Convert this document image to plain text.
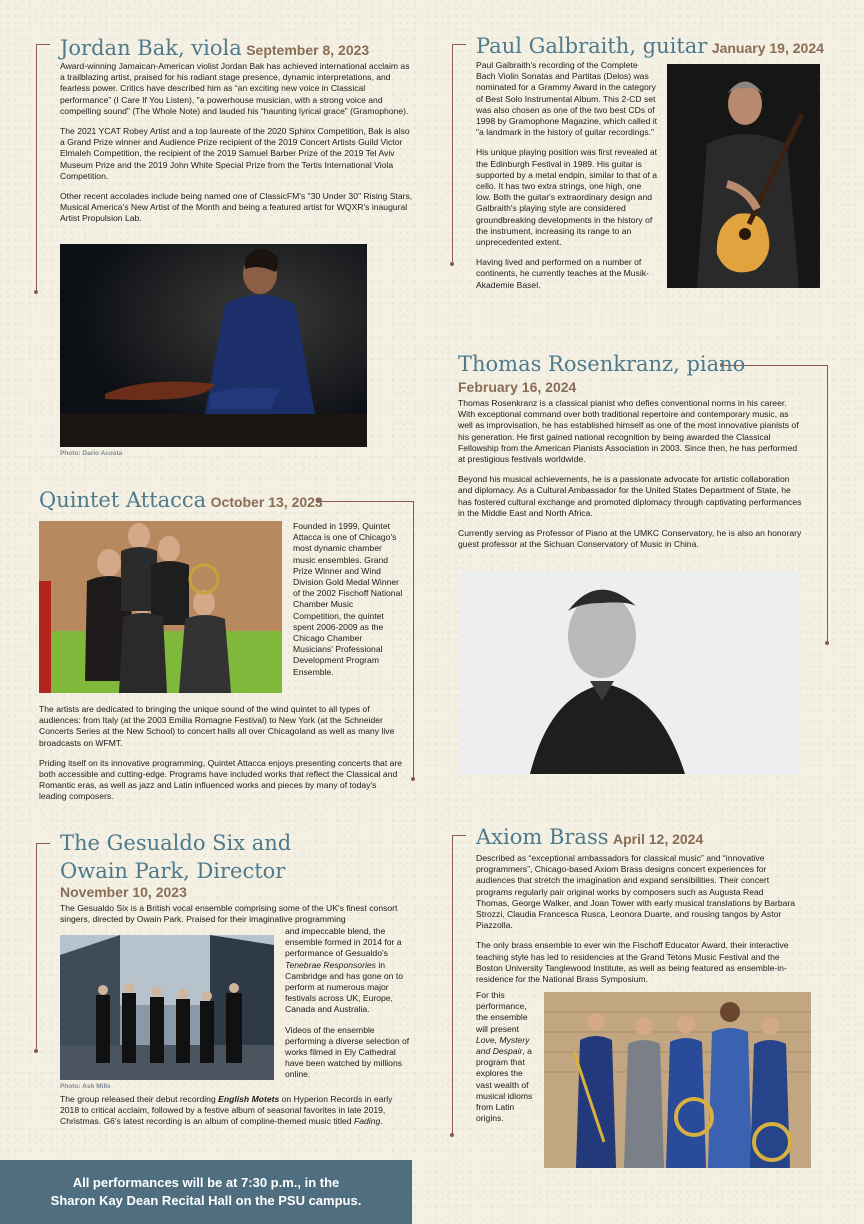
Jordan Bak, viola September 8, 2023

Award-winning Jamaican-American violist Jordan Bak has achieved international acclaim as a trailblazing artist, praised for his radiant stage presence, dynamic interpretations, and fearless power. Critics have described him as “an exciting new voice in Classical performance” (I Care If You Listen), "a powerhouse musician, with a strong voice and compelling sound" (The Whole Note) and lauded his “haunting lyrical grace” (Gramophone).

The 2021 YCAT Robey Artist and a top laureate of the 2020 Sphinx Competition, Bak is also a Grand Prize winner and Audience Prize recipient of the 2019 Concert Artists Guild Victor Elmaleh Competition, the recipient of the 2019 Samuel Barber Prize of the 2019 Tel Aviv Museum Prize and the 2019 John White Special Prize from the Tertis International Viola Competition.

Other recent accolades include being named one of ClassicFM's "30 Under 30" Rising Stars, Musical America's New Artist of the Month and being a featured artist for WQXR's inaugural Artist Propulsion Lab.

Photo: Dario Acosta
Paul Galbraith, guitar January 19, 2024

Paul Galbraith's recording of the Complete Bach Violin Sonatas and Partitas (Delos) was nominated for a Grammy Award in the category of Best Solo Instrumental Album. This 2-CD set was also chosen as one of the two best CDs of 1998 by Gramophone Magazine, which called it "a landmark in the history of guitar recordings."

His unique playing position was first revealed at the Edinburgh Festival in 1989. His guitar is supported by a metal endpin, similar to that of a cello. It has two extra strings, one high, one low. Both the guitar's extraordinary design and Galbraith's playing style are considered groundbreaking developments in the history of the instrument, increasing its range to an unprecedented extent.

Having lived and performed on a number of continents, he currently teaches at the Musik-Akademie Basel.

Thomas Rosenkranz, piano
February 16, 2024

Thomas Rosenkranz is a classical pianist who defies conventional norms in his career. With exceptional command over both traditional repertoire and contemporary music, as well as improvisation, he has established himself as one of the most innovative pianists of his generation. He first gained national recognition by being awarded the Classical Fellowship from the American Pianists Association in 2003. Since then, he has performed at prestigious festivals worldwide.

Beyond his musical achievements, he is a passionate advocate for artistic collaboration and diplomacy. As a Cultural Ambassador for the United States Department of State, he has fostered cultural exchange and promoted diplomacy through captivating performances in the Middle East and North Africa.

Currently serving as Professor of Piano at the UMKC Conservatory, he is also an honorary guest professor at the Sichuan Conservatory of Music in China.

Quintet Attacca October 13, 2023
Founded in 1999, Quintet Attacca is one of Chicago's most dynamic chamber music ensembles. Grand Prize Winner and Wind Division Gold Medal Winner of the 2002 Fischoff National Chamber Music Competition, the quintet spent 2006-2009 as the Chicago Chamber Musicians' Professional Development Program Ensemble.

The artists are dedicated to bringing the unique sound of the wind quintet to all types of audiences: from Italy (at the 2003 Emilia Romagne Festival) to New York (at the Schneider Concerts Series at the New School) to concert halls all over Chicagoland as well as many live broadcasts on WFMT.

Priding itself on its innovative programming, Quintet Attacca enjoys presenting concerts that are both accessible and cutting-edge. Programs have included works that reflect the Classical and Romantic eras, as well as jazz and Latin influenced works and pieces by many of today's leading composers.

The Gesualdo Six and
Owain Park, Director
November 10, 2023
The Gesualdo Six is a British vocal ensemble comprising some of the UK's finest consort singers, directed by Owain Park. Praised for their imaginative programming
Photo: Ash Mills

and impeccable blend, the ensemble formed in 2014 for a performance of Gesualdo's Tenebrae Responsories in Cambridge and has gone on to perform at numerous major festivals across UK, Europe, Canada and Australia.

Videos of the ensemble performing a diverse selection of works filmed in Ely Cathedral have been watched by millions online.

The group released their debut recording English Motets on Hyperion Records in early 2018 to critical acclaim, followed by a festive album of seasonal favorites in late 2019, Christmas. G6's latest recording is an album of compline-themed music titled Fading.
Axiom Brass April 12, 2024

Described as “exceptional ambassadors for classical music” and “innovative programmers”, Chicago-based Axiom Brass designs concert experiences for audiences that stretch the imagination and expand sensibilities. Their concert programs regularly pair original works by composers such as Augusta Read Thomas, George Walker, and Joan Tower with early musical translations by Barbara Strozzi, Claudia Francesca Rusca, Leonora Duarte, and rousing tangos by Astor Piazzolla.

The only brass ensemble to ever win the Fischoff Educator Award, their interactive teaching style has led to residencies at the Grand Tetons Music Festival and the Boston University Tanglewood Institute, as well as being featured as ensemble-in-residence for the National Brass Symposium.

For this performance, the ensemble will present Love, Mystery and Despair, a program that explores the vast wealth of musical idioms from Latin origins.
All performances will be at 7:30 p.m., in the
Sharon Kay Dean Recital Hall on the PSU campus.
